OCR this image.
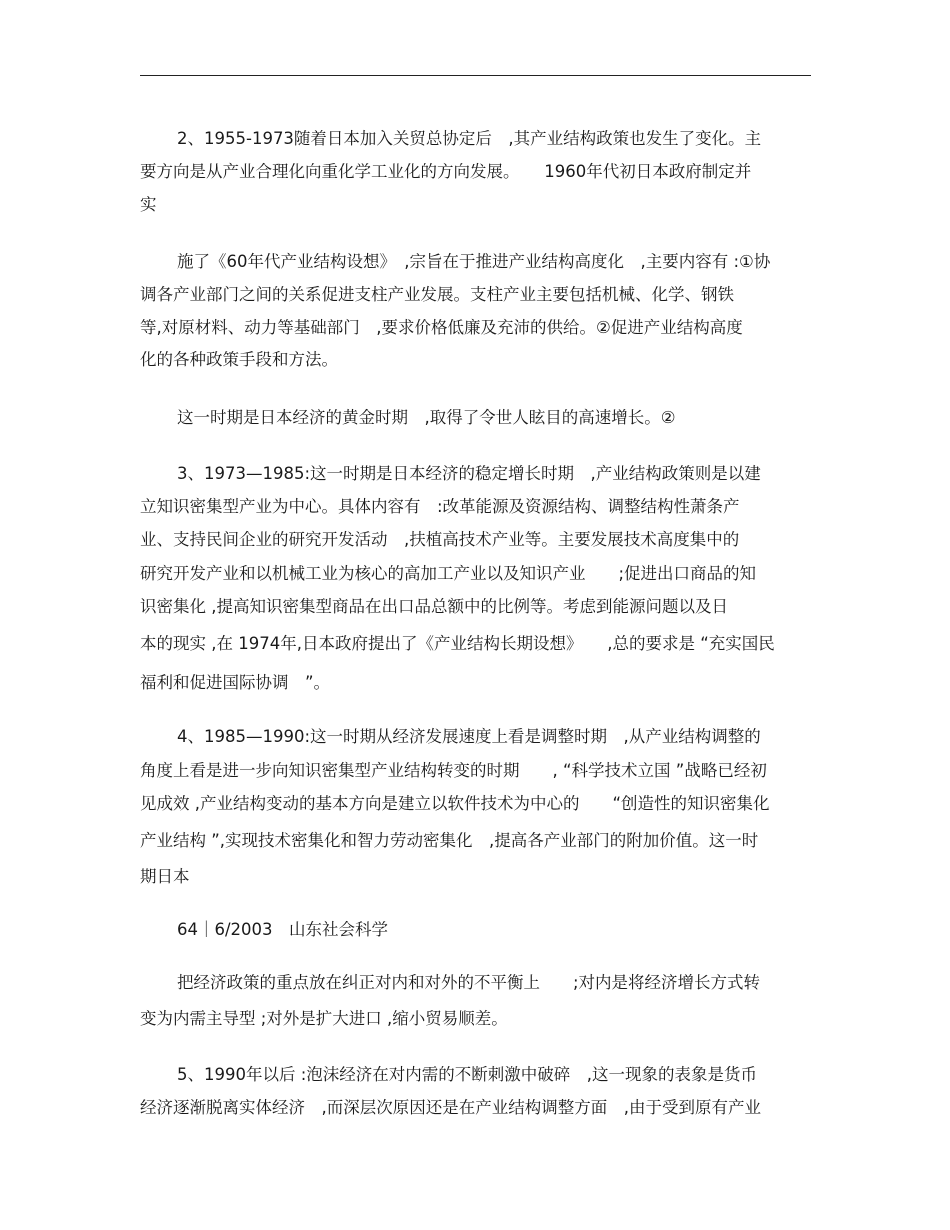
2、1955-1973随着日本加入关贸总协定后　,其产业结构政策也发生了变化。主
要方向是从产业合理化向重化学工业化的方向发展。　　1960年代初日本政府制定并
实
施了《60年代产业结构设想》　,宗旨在于推进产业结构高度化　,主要内容有 :①协
调各产业部门之间的关系促进支柱产业发展。支柱产业主要包括机械、化学、钢铁
等,对原材料、动力等基础部门　,要求价格低廉及充沛的供给。②促进产业结构高度
化的各种政策手段和方法。
这一时期是日本经济的黄金时期　,取得了令世人眩目的高速增长。②
3、1973—1985:这一时期是日本经济的稳定增长时期　,产业结构政策则是以建
立知识密集型产业为中心。具体内容有　:改革能源及资源结构、调整结构性萧条产
业、支持民间企业的研究开发活动　,扶植高技术产业等。主要发展技术高度集中的
研究开发产业和以机械工业为核心的高加工产业以及知识产业　　;促进出口商品的知
识密集化 ,提高知识密集型商品在出口品总额中的比例等。考虑到能源问题以及日
本的现实 ,在 1974年,日本政府提出了《产业结构长期设想》　　,总的要求是 “充实国民
福利和促进国际协调　”。
4、1985—1990:这一时期从经济发展速度上看是调整时期　,从产业结构调整的
角度上看是进一步向知识密集型产业结构转变的时期　　, “科学技术立国 ”战略已经初
见成效 ,产业结构变动的基本方向是建立以软件技术为中心的　　“创造性的知识密集化
产业结构 ”,实现技术密集化和智力劳动密集化　,提高各产业部门的附加价值。这一时
期日本
64｜6/2003　山东社会科学
把经济政策的重点放在纠正对内和对外的不平衡上　　;对内是将经济增长方式转
变为内需主导型 ;对外是扩大进口 ,缩小贸易顺差。
5、1990年以后 :泡沫经济在对内需的不断刺激中破碎　,这一现象的表象是货币
经济逐渐脱离实体经济　,而深层次原因还是在产业结构调整方面　,由于受到原有产业
